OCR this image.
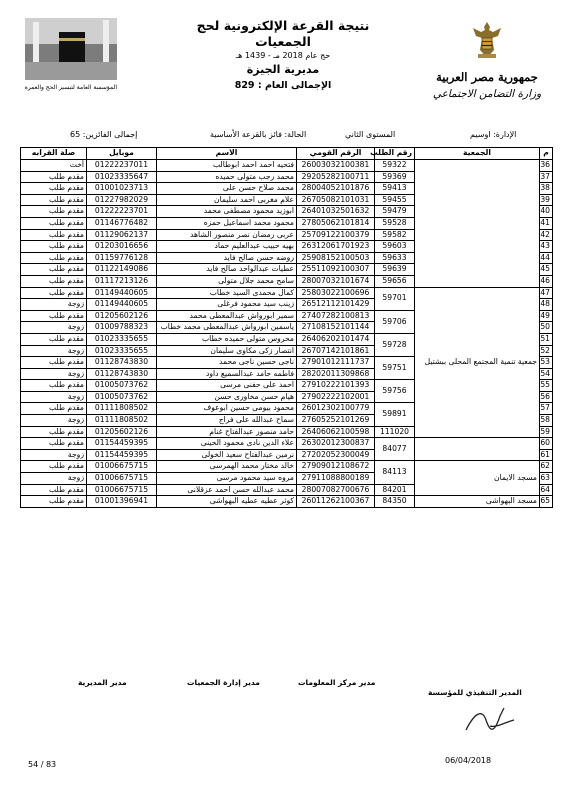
نتيجة القرعة الإلكترونية لحج الجمعيات
حج عام 2018 مـ - 1439 هـ
مديرية الجيزة
الإجمالى العام : 829
جمهورية مصر العربية
وزارة التضامن الاجتماعي
المؤسسة العامة لتيسير الحج والعمرة
الإدارة: اوسيم
المستوى الثاني
الحالة: فائز بالقرعة الأساسية
إجمالى الفائزين: 65
م	الجمعية	رقم الطلب	الرقم القومي	الاسم	موبايل	صلة القرابه
36		59322	26003032100381	فتحيه احمد احمد ابوطالب	01222237011	أخت
37		59369	29205282100711	محمد رجب متولى حميده	01023335647	مقدم طلب
38		59413	28004052101876	محمد صلاح حسن على	01001023713	مقدم طلب
39		59455	26705082101031	علام مغربى احمد سليمان	01227982029	مقدم طلب
40		59479	26401032501632	ابوزيد محمود مصطفى محمد	01222223701	مقدم طلب
41		59528	27805062101814	محمود محمد اسماعيل حمزه	01146776482	مقدم طلب
42		59582	25709122100379	عربى رمضان نصر منصور الشاهد	01129062137	مقدم طلب
43		59603	26312061701923	بهيه حبيب عبدالعليم حماد	01203016656	مقدم طلب
44		59633	25908152100503	روضه حسن صالح فايد	01159776128	مقدم طلب
45		59639	25511092100307	عطيات عبدالواحد صالح فايد	01122149086	مقدم طلب
46		59656	28007032101674	سامح محمد جلال متولى	01117213126	مقدم طلب
47	جمعية تنمية المجتمع المحلى ببشتيل	59701	25803022100696	كمال محمدى السيد خطاب	01149440605	مقدم طلب
48			26512112101429	زينب سيد محمود فرغلى	01149440605	زوجة
49		59706	27407282100813	سمير ابورواش عبدالمعطى محمد	01205602126	مقدم طلب
50			27108152101144	ياسمين ابورواش عبدالمعطى محمد خطاب	01009788323	زوجة
51		59728	26406202101474	محروس متولى حميده خطاب	01023335655	مقدم طلب
52			26707142101861	انتصار زكى مكاوى سليمان	01023335655	زوجة
53		59751	27901012111737	ناجى حسين ناجى محمد	01128743830	مقدم طلب
54			28202011309868	فاطمه حامد عبدالسميع داود	01128743830	زوجة
55		59756	27910222101393	احمد على حفنى مرسى	01005073762	مقدم طلب
56			27902222102001	هيام حسن مخاورى حسن	01005073762	زوجة
57		59891	26012302100779	محمود بيومى حسين ابوعوف	01111808502	مقدم طلب
58			27605252101269	سماح عبدالله على فراج	01111808502	زوجة
59		111020	26406062100598	حامد منصور عبدالفتاح غنام	01205602126	مقدم طلب
60		84077	26302012300837	علاء الدين نادى محمود الحينى	01154459395	مقدم طلب
61			27202052300049	نرمين عبدالفتاح سعيد الخولى	01154459395	زوجة
62	مسجد الايمان	84113	27909012108672	خالد مختار محمد الهمرسى	01006675715	مقدم طلب
63			27911088800189	مروه سيد محمود مرسى	01006675715	زوجة
64		84201	28007082700676	محمد عبدالله حسن احمد عزقلانى	01006675715	مقدم طلب
65	مسجد البهواشى	84350	26011262100367	كوثر عطيه عطيه البهواشى	01001396941	مقدم طلب
مدير المديرية	مدير إدارة الجمعيات	مدير مركز المعلومات
المدير التنفيذي للمؤسسة
54 / 83	06/04/2018
